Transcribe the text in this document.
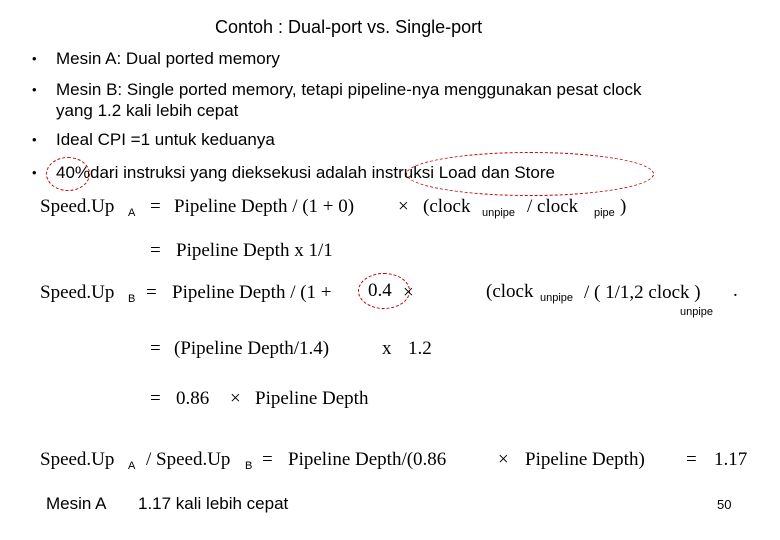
Contoh : Dual-port vs. Single-port
• Mesin A: Dual ported memory
• Mesin B: Single ported memory, tetapi pipeline-nya menggunakan pesat clock
yang 1.2 kali lebih cepat
• Ideal CPI =1 untuk keduanya
• 40%dari instruksi yang dieksekusi adalah instruksi Load dan Store
Speed.Up A = Pipeline Depth / (1 + 0) × (clock unpipe / clock pipe )
= Pipeline Depth x 1/1
Speed.Up B = Pipeline Depth / (1 + 0.4 ×	(clock unpipe / ( 1/1,2 clock ) .
unpipe
= (Pipeline Depth/1.4)	x 1.2
= 0.86 × Pipeline Depth
Speed.Up A / Speed.Up B = Pipeline Depth/(0.86	× Pipeline Depth) = 1.17
Mesin A 1.17 kali lebih cepat	50
